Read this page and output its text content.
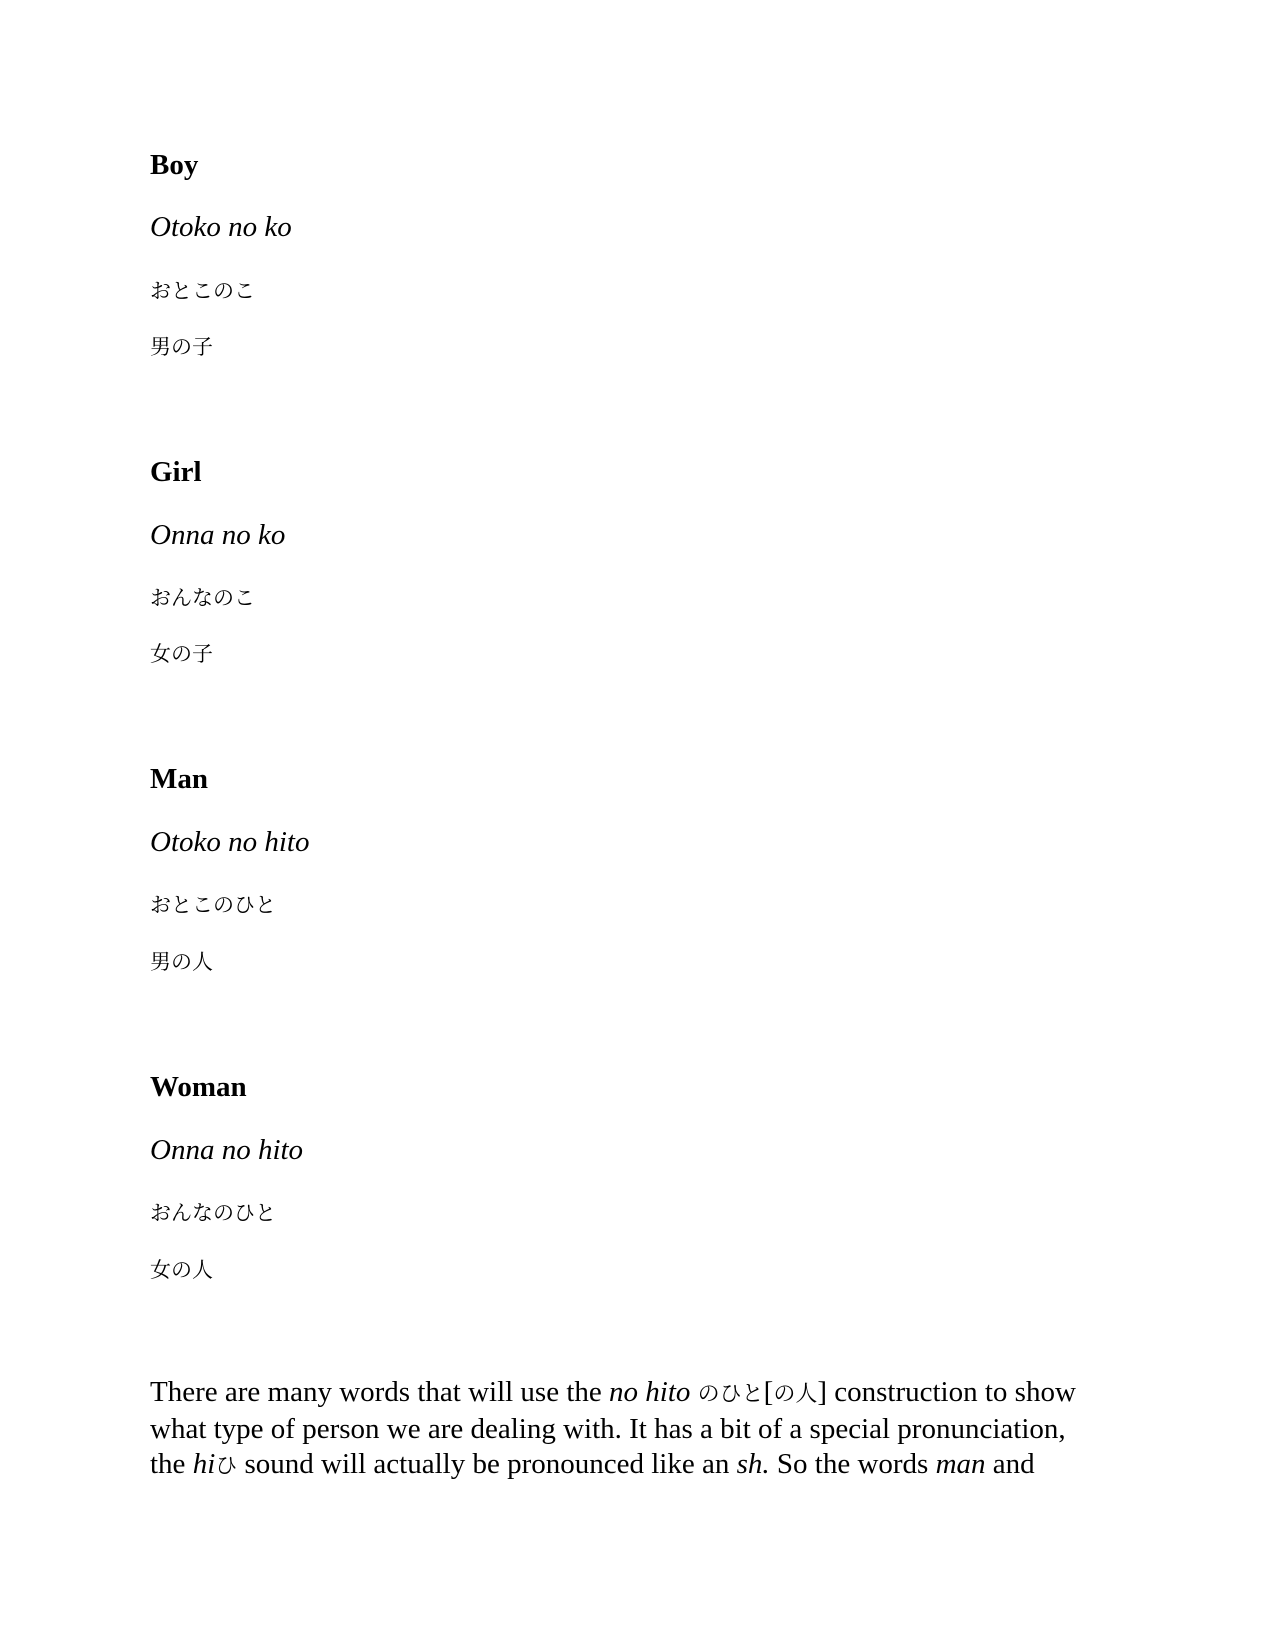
Boy
Otoko no ko
おとこのこ
男の子
Girl
Onna no ko
おんなのこ
女の子
Man
Otoko no hito
おとこのひと
男の人
Woman
Onna no hito
おんなのひと
女の人
There are many words that will use the no hito のひと[の人] construction to show
what type of person we are dealing with. It has a bit of a special pronunciation,
the hiひ sound will actually be pronounced like an sh. So the words man and
